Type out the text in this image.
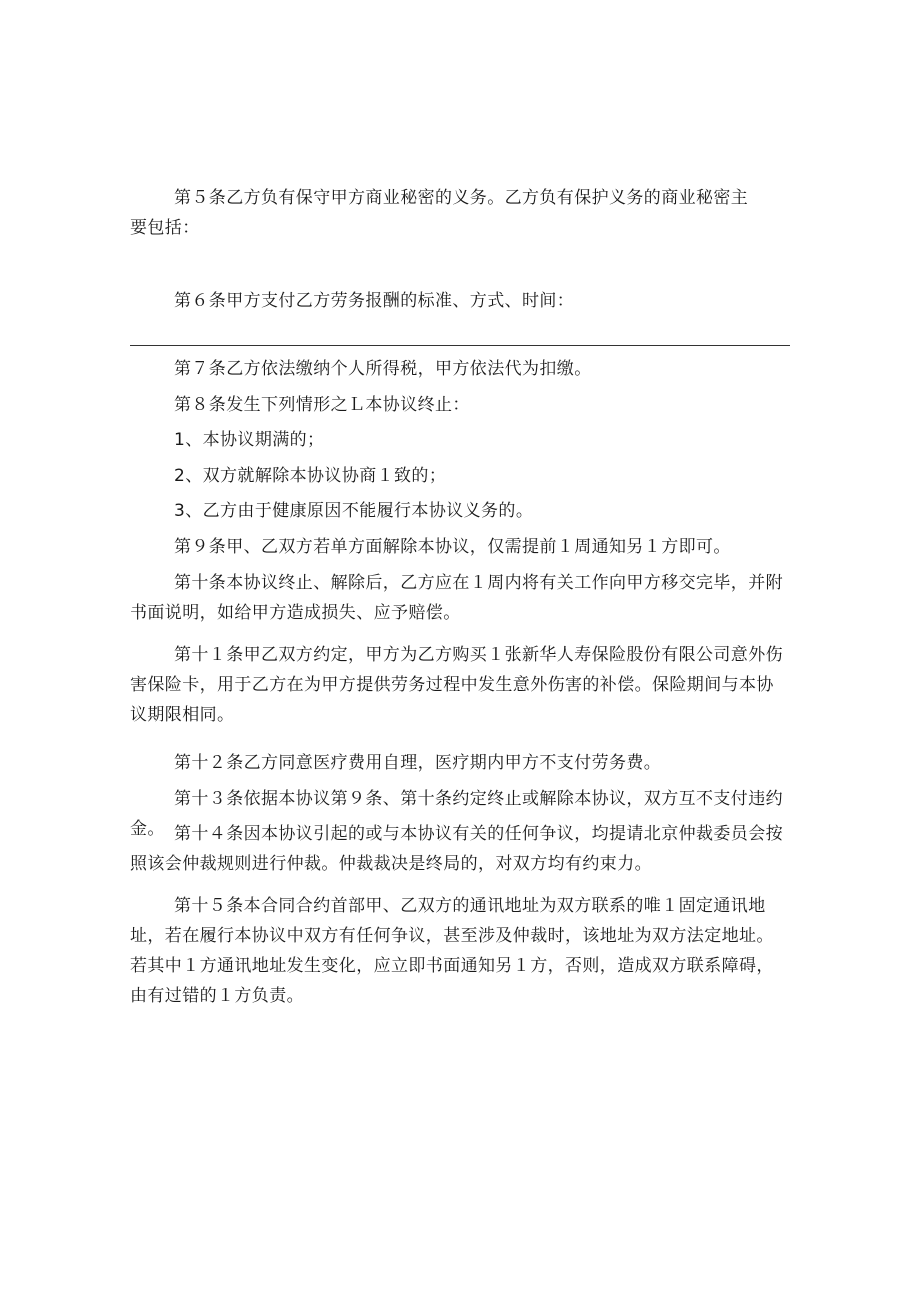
第５条乙方负有保守甲方商业秘密的义务。乙方负有保护义务的商业秘密主
要包括：

第６条甲方支付乙方劳务报酬的标准、方式、时间：

第７条乙方依法缴纳个人所得税，甲方依法代为扣缴。

第８条发生下列情形之Ｌ本协议终止：

1、本协议期满的；

2、双方就解除本协议协商１致的；

3、乙方由于健康原因不能履行本协议义务的。

第９条甲、乙双方若单方面解除本协议，仅需提前１周通知另１方即可。

第十条本协议终止、解除后，乙方应在１周内将有关工作向甲方移交完毕，并附书面说明，如给甲方造成损失、应予赔偿。

第十１条甲乙双方约定，甲方为乙方购买１张新华人寿保险股份有限公司意外伤害保险卡，用于乙方在为甲方提供劳务过程中发生意外伤害的补偿。保险期间与本协议期限相同。

第十２条乙方同意医疗费用自理，医疗期内甲方不支付劳务费。

第十３条依据本协议第９条、第十条约定终止或解除本协议，双方互不支付违约金。 第十４条因本协议引起的或与本协议有关的任何争议，均提请北京仲裁委员会按照该会仲裁规则进行仲裁。仲裁裁决是终局的，对双方均有约束力。

第十５条本合同合约首部甲、乙双方的通讯地址为双方联系的唯１固定通讯地址，若在履行本协议中双方有任何争议，甚至涉及仲裁时，该地址为双方法定地址。若其中１方通讯地址发生变化，应立即书面通知另１方，否则，造成双方联系障碍，由有过错的１方负责。
